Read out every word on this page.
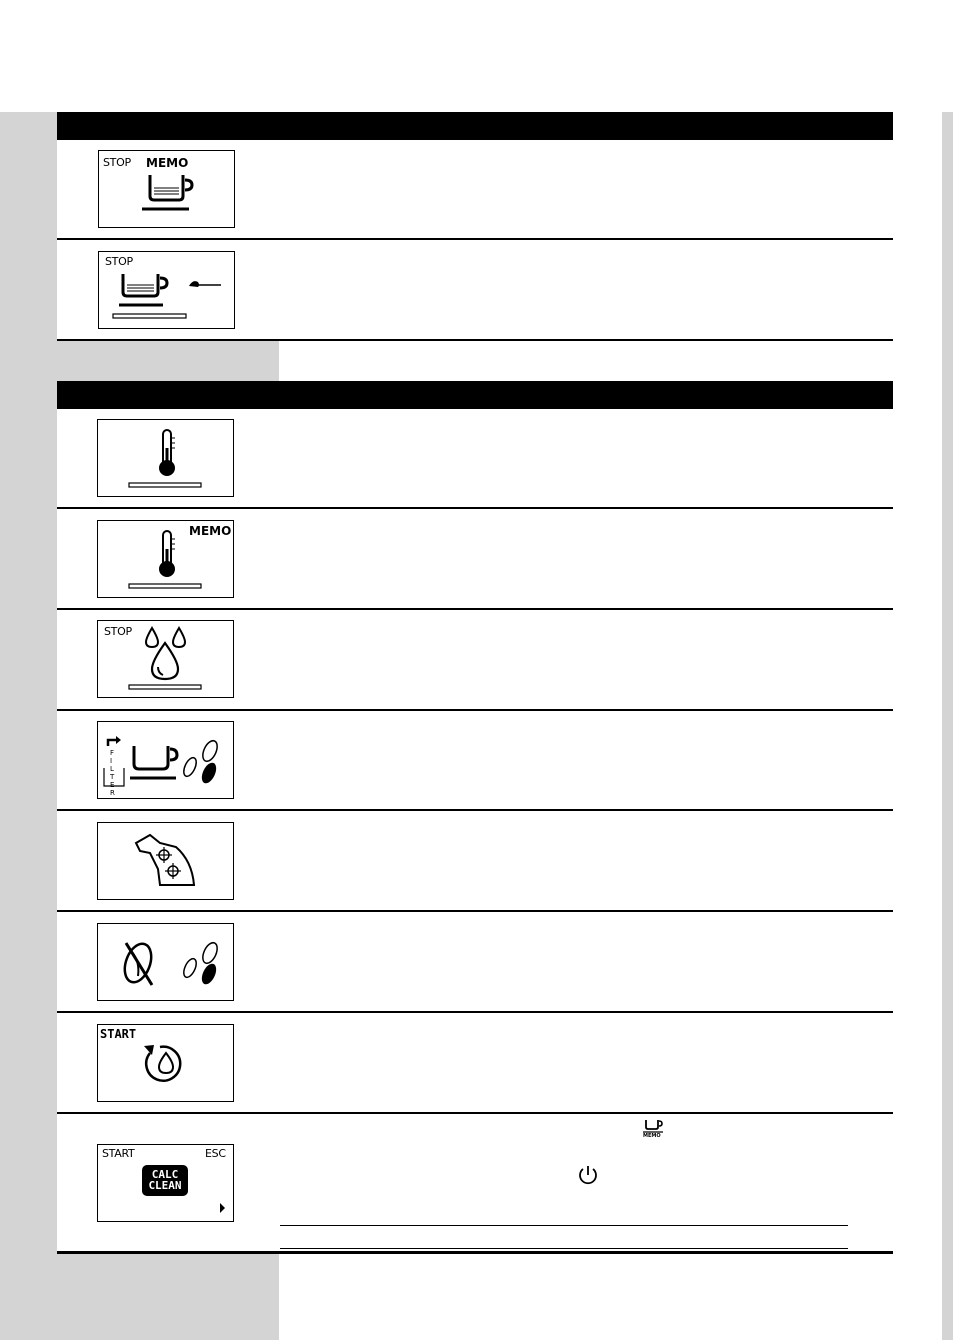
STOP MEMO
STOP
MEMO
STOP
F
I
L
T
E
R
START
START	ESC
CALC
CLEAN
MEMO
